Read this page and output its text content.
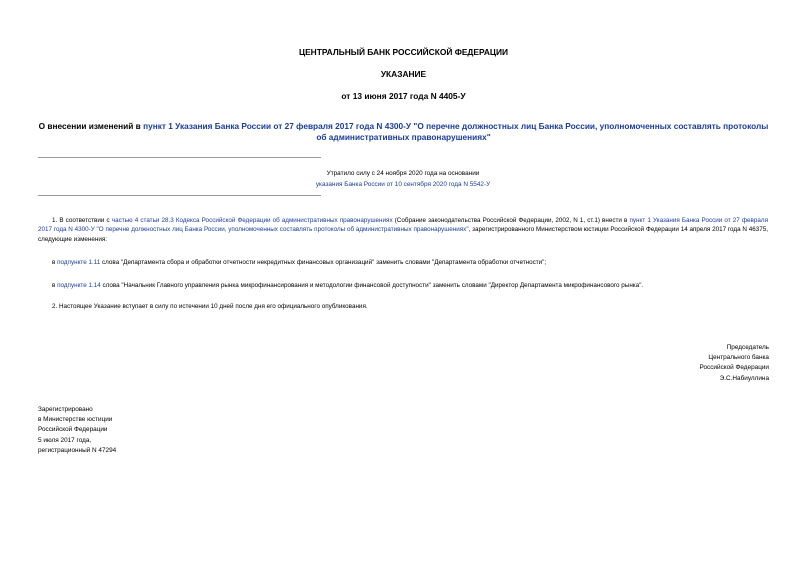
ЦЕНТРАЛЬНЫЙ БАНК РОССИЙСКОЙ ФЕДЕРАЦИИ
УКАЗАНИЕ
от 13 июня 2017 года N 4405-У
О внесении изменений в пункт 1 Указания Банка России от 27 февраля 2017 года N 4300-У "О перечне должностных лиц Банка России, уполномоченных составлять протоколы об административных правонарушениях"
Утратило силу с 24 ноября 2020 года на основании
указания Банка России от 10 сентября 2020 года N 5542-У
1. В соответствии с частью 4 статьи 28.3 Кодекса Российской Федерации об административных правонарушениях (Собрание законодательства Российской Федерации, 2002, N 1, ст.1) внести в пункт 1 Указания Банка России от 27 февраля 2017 года N 4300-У "О перечне должностных лиц Банка России, уполномоченных составлять протоколы об административных правонарушениях", зарегистрированного Министерством юстиции Российской Федерации 14 апреля 2017 года N 46375, следующие изменения:
в подпункте 1.11 слова "Департамента сбора и обработки отчетности некредитных финансовых организаций" заменить словами "Департамента обработки отчетности";
в подпункте 1.14 слова "Начальник Главного управления рынка микрофинансирования и методологии финансовой доступности" заменить словами "Директор Департамента микрофинансового рынка".
2. Настоящее Указание вступает в силу по истечении 10 дней после дня его официального опубликования.
Председатель
Центрального банка
Российской Федерации
Э.С.Набиуллина
Зарегистрировано
в Министерстве юстиции
Российской Федерации
5 июля 2017 года,
регистрационный N 47294
